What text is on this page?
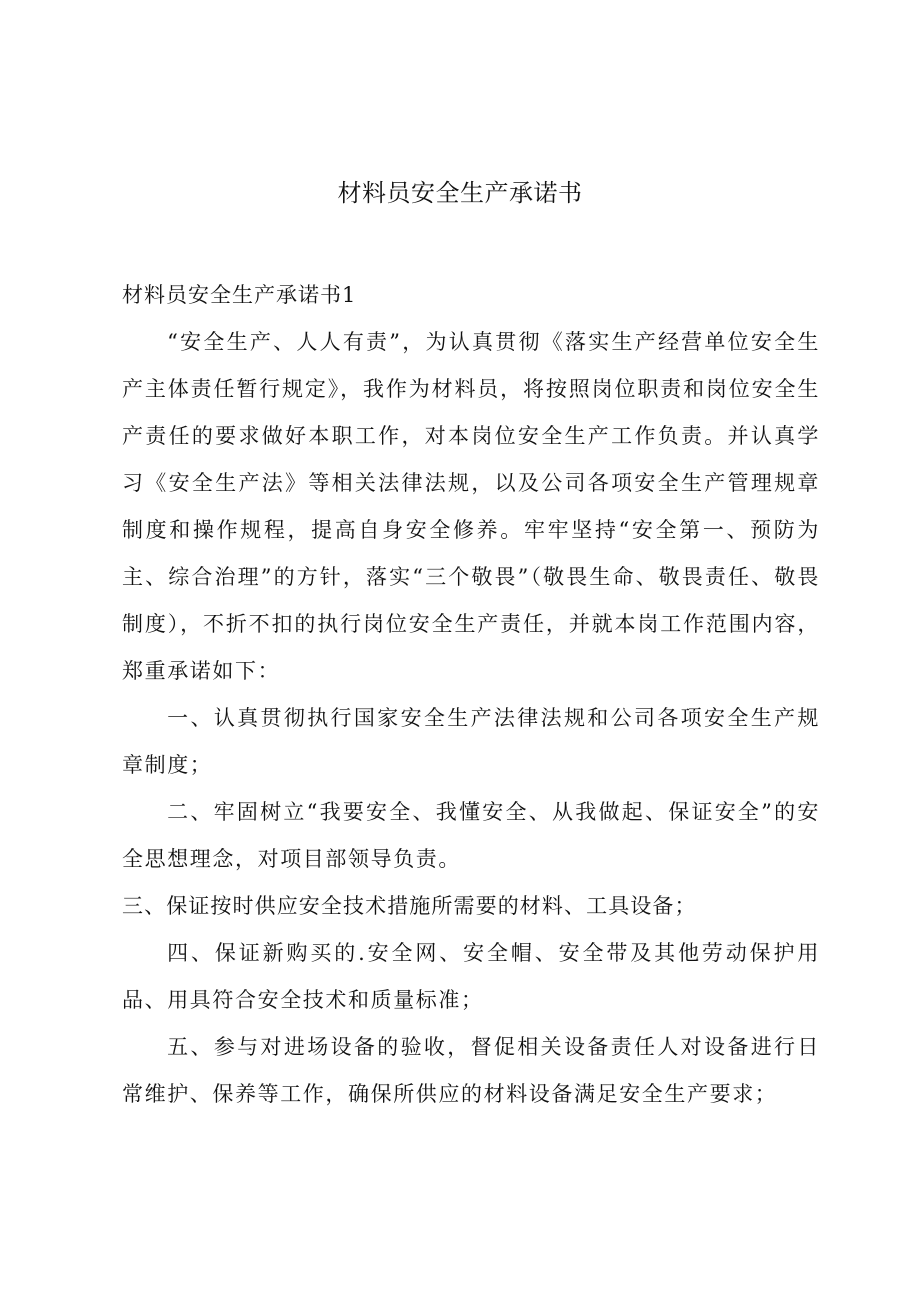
材料员安全生产承诺书

材料员安全生产承诺书1

“安全生产、人人有责”，为认真贯彻《落实生产经营单位安全生产主体责任暂行规定》，我作为材料员，将按照岗位职责和岗位安全生产责任的要求做好本职工作，对本岗位安全生产工作负责。并认真学习《安全生产法》等相关法律法规，以及公司各项安全生产管理规章制度和操作规程，提高自身安全修养。牢牢坚持“安全第一、预防为主、综合治理”的方针，落实“三个敬畏”（敬畏生命、敬畏责任、敬畏制度），不折不扣的执行岗位安全生产责任，并就本岗工作范围内容，郑重承诺如下：

一、认真贯彻执行国家安全生产法律法规和公司各项安全生产规章制度；

二、牢固树立“我要安全、我懂安全、从我做起、保证安全”的安全思想理念，对项目部领导负责。

三、保证按时供应安全技术措施所需要的材料、工具设备；

四、保证新购买的.安全网、安全帽、安全带及其他劳动保护用品、用具符合安全技术和质量标准；

五、参与对进场设备的验收，督促相关设备责任人对设备进行日常维护、保养等工作，确保所供应的材料设备满足安全生产要求；
